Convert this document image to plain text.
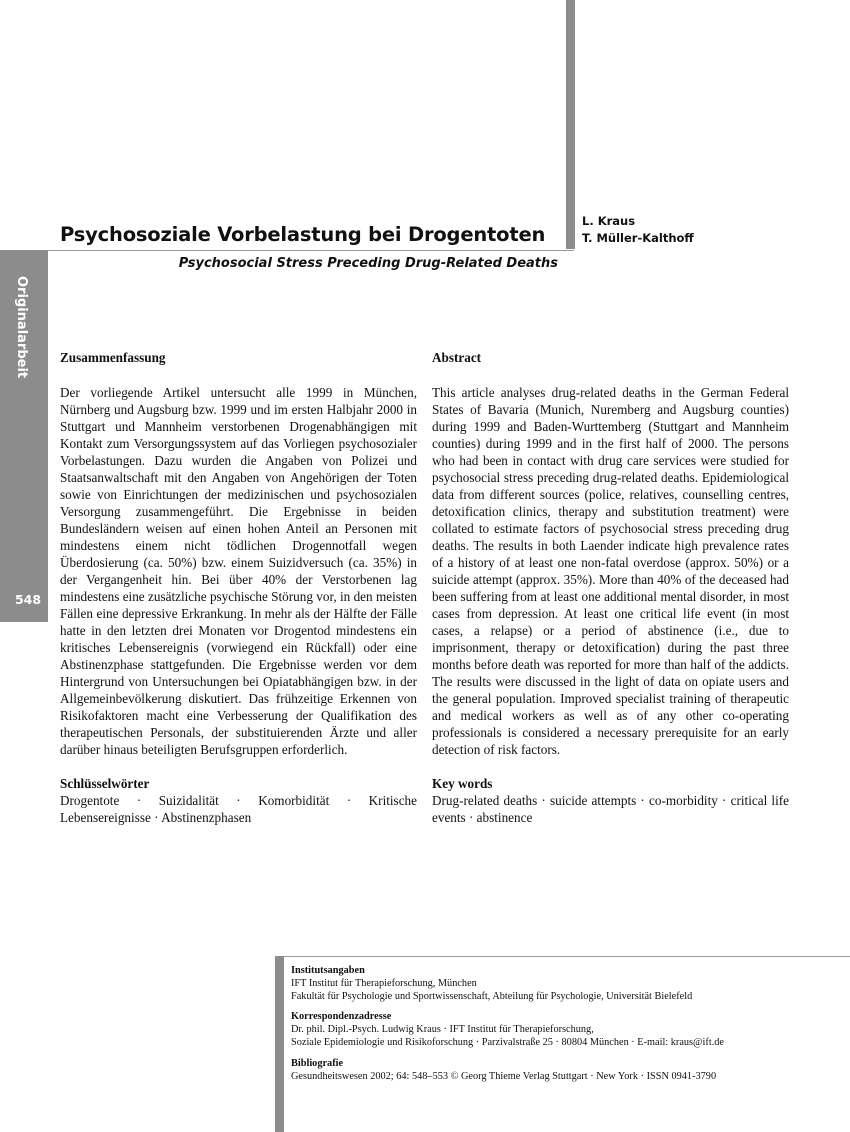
Psychosoziale Vorbelastung bei Drogentoten
L. Kraus
T. Müller-Kalthoff

Psychosocial Stress Preceding Drug-Related Deaths

Originalarbeit
548
Zusammenfassung

Der vorliegende Artikel untersucht alle 1999 in München, Nürnberg und Augsburg bzw. 1999 und im ersten Halbjahr 2000 in Stuttgart und Mannheim verstorbenen Drogenabhängigen mit Kontakt zum Versorgungssystem auf das Vorliegen psychosozialer Vorbelastungen. Dazu wurden die Angaben von Polizei und Staatsanwaltschaft mit den Angaben von Angehörigen der Toten sowie von Einrichtungen der medizinischen und psychosozialen Versorgung zusammengeführt. Die Ergebnisse in beiden Bundesländern weisen auf einen hohen Anteil an Personen mit mindestens einem nicht tödlichen Drogennotfall wegen Überdosierung (ca. 50%) bzw. einem Suizidversuch (ca. 35%) in der Vergangenheit hin. Bei über 40% der Verstorbenen lag mindestens eine zusätzliche psychische Störung vor, in den meisten Fällen eine depressive Erkrankung. In mehr als der Hälfte der Fälle hatte in den letzten drei Monaten vor Drogentod mindestens ein kritisches Lebensereignis (vorwiegend ein Rückfall) oder eine Abstinenzphase stattgefunden. Die Ergebnisse werden vor dem Hintergrund von Untersuchungen bei Opiatabhängigen bzw. in der Allgemeinbevölkerung diskutiert. Das frühzeitige Erkennen von Risikofaktoren macht eine Verbesserung der Qualifikation des therapeutischen Personals, der substituierenden Ärzte und aller darüber hinaus beteiligten Berufsgruppen erforderlich.

Schlüsselwörter

Drogentote · Suizidalität · Komorbidität · Kritische Lebensereignisse · Abstinenzphasen

Abstract

This article analyses drug-related deaths in the German Federal States of Bavaria (Munich, Nuremberg and Augsburg counties) during 1999 and Baden-Wurttemberg (Stuttgart and Mannheim counties) during 1999 and in the first half of 2000. The persons who had been in contact with drug care services were studied for psychosocial stress preceding drug-related deaths. Epidemiological data from different sources (police, relatives, counselling centres, detoxification clinics, therapy and substitution treatment) were collated to estimate factors of psychosocial stress preceding drug deaths. The results in both Laender indicate high prevalence rates of a history of at least one non-fatal overdose (approx. 50%) or a suicide attempt (approx. 35%). More than 40% of the deceased had been suffering from at least one additional mental disorder, in most cases from depression. At least one critical life event (in most cases, a relapse) or a period of abstinence (i.e., due to imprisonment, therapy or detoxification) during the past three months before death was reported for more than half of the addicts. The results were discussed in the light of data on opiate users and the general population. Improved specialist training of therapeutic and medical workers as well as of any other co-operating professionals is considered a necessary prerequisite for an early detection of risk factors.

Key words

Drug-related deaths · suicide attempts · co-morbidity · critical life events · abstinence

Institutsangaben
IFT Institut für Therapieforschung, München
Fakultät für Psychologie und Sportwissenschaft, Abteilung für Psychologie, Universität Bielefeld
Korrespondenzadresse
Dr. phil. Dipl.-Psych. Ludwig Kraus · IFT Institut für Therapieforschung,
Soziale Epidemiologie und Risikoforschung · Parzivalstraße 25 · 80804 München · E-mail: kraus@ift.de
Bibliografie
Gesundheitswesen 2002; 64: 548–553 © Georg Thieme Verlag Stuttgart · New York · ISSN 0941-3790
